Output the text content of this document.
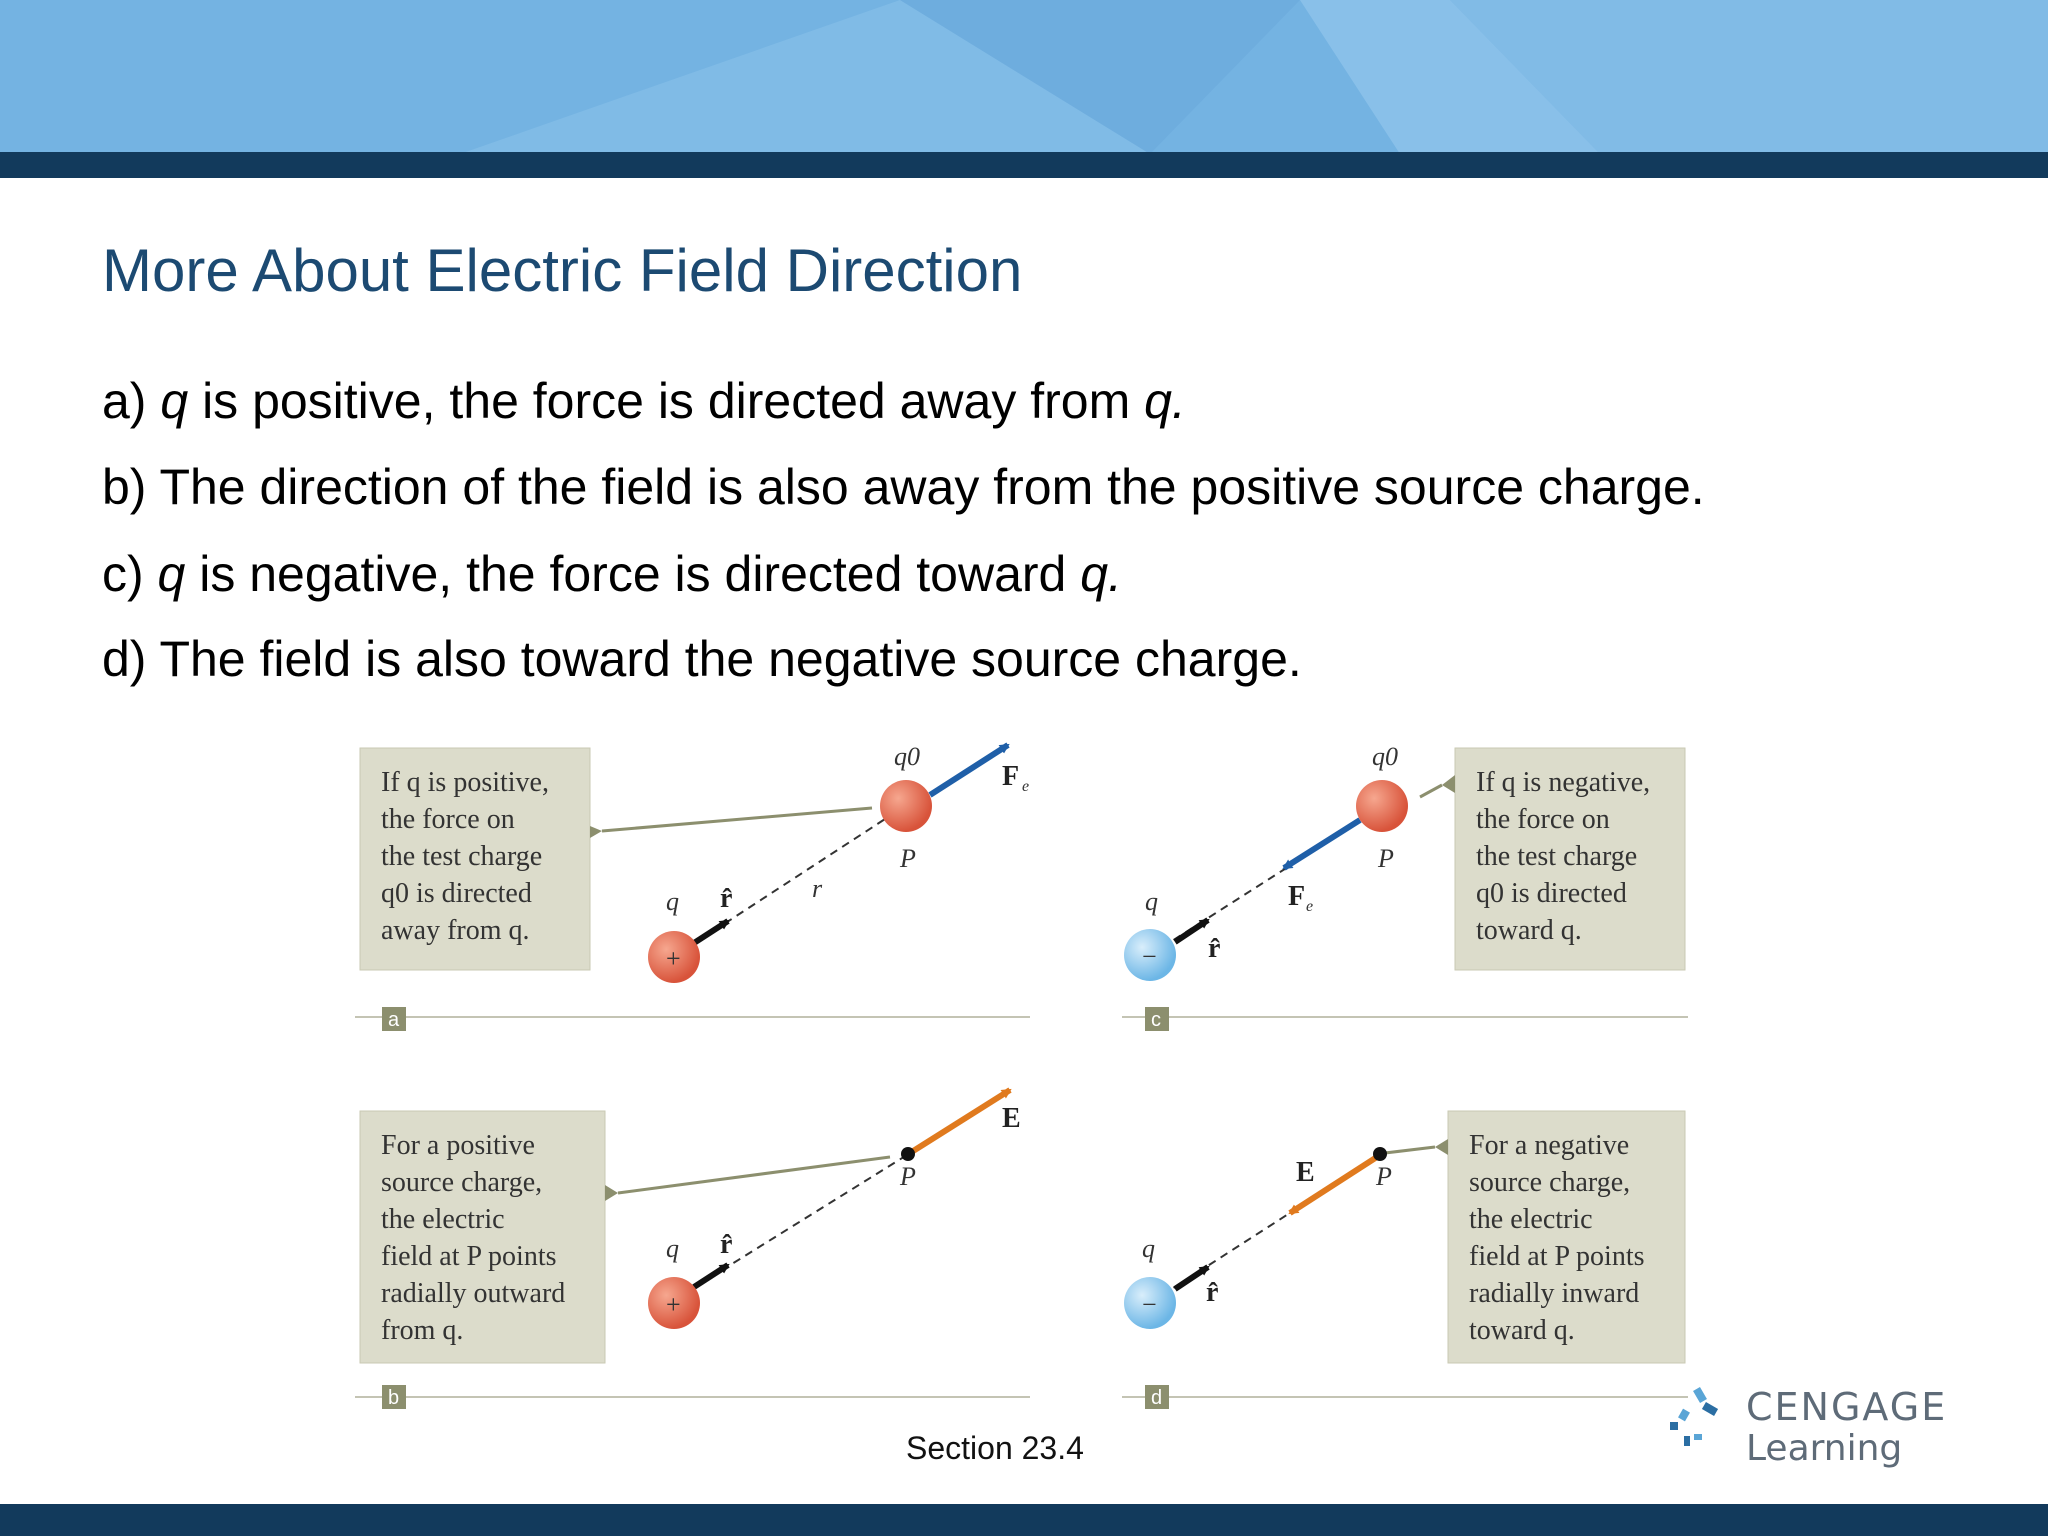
More About Electric Field Direction
a) q is positive, the force is directed away from q.
b) The direction of the field is also away from the positive source charge.
c) q is negative, the force is directed toward q.
d) The field is also toward the negative source charge.
If q is positive,
the force on
the test charge
q0 is directed
away from q.
+
q0
P
q r̂	r
F e
a
If q is negative,
the force on
the test charge
q0 is directed
toward q.
−
q0
P
q
r̂
F e
c
For a positive
source charge,
the electric
field at P points
radially outward
from q.
+
P
q r̂
E
b
For a negative
source charge,
the electric
field at P points
radially inward
toward q.
−
P
q
r̂
E
d
Section 23.4
CENGAGE
Learning
